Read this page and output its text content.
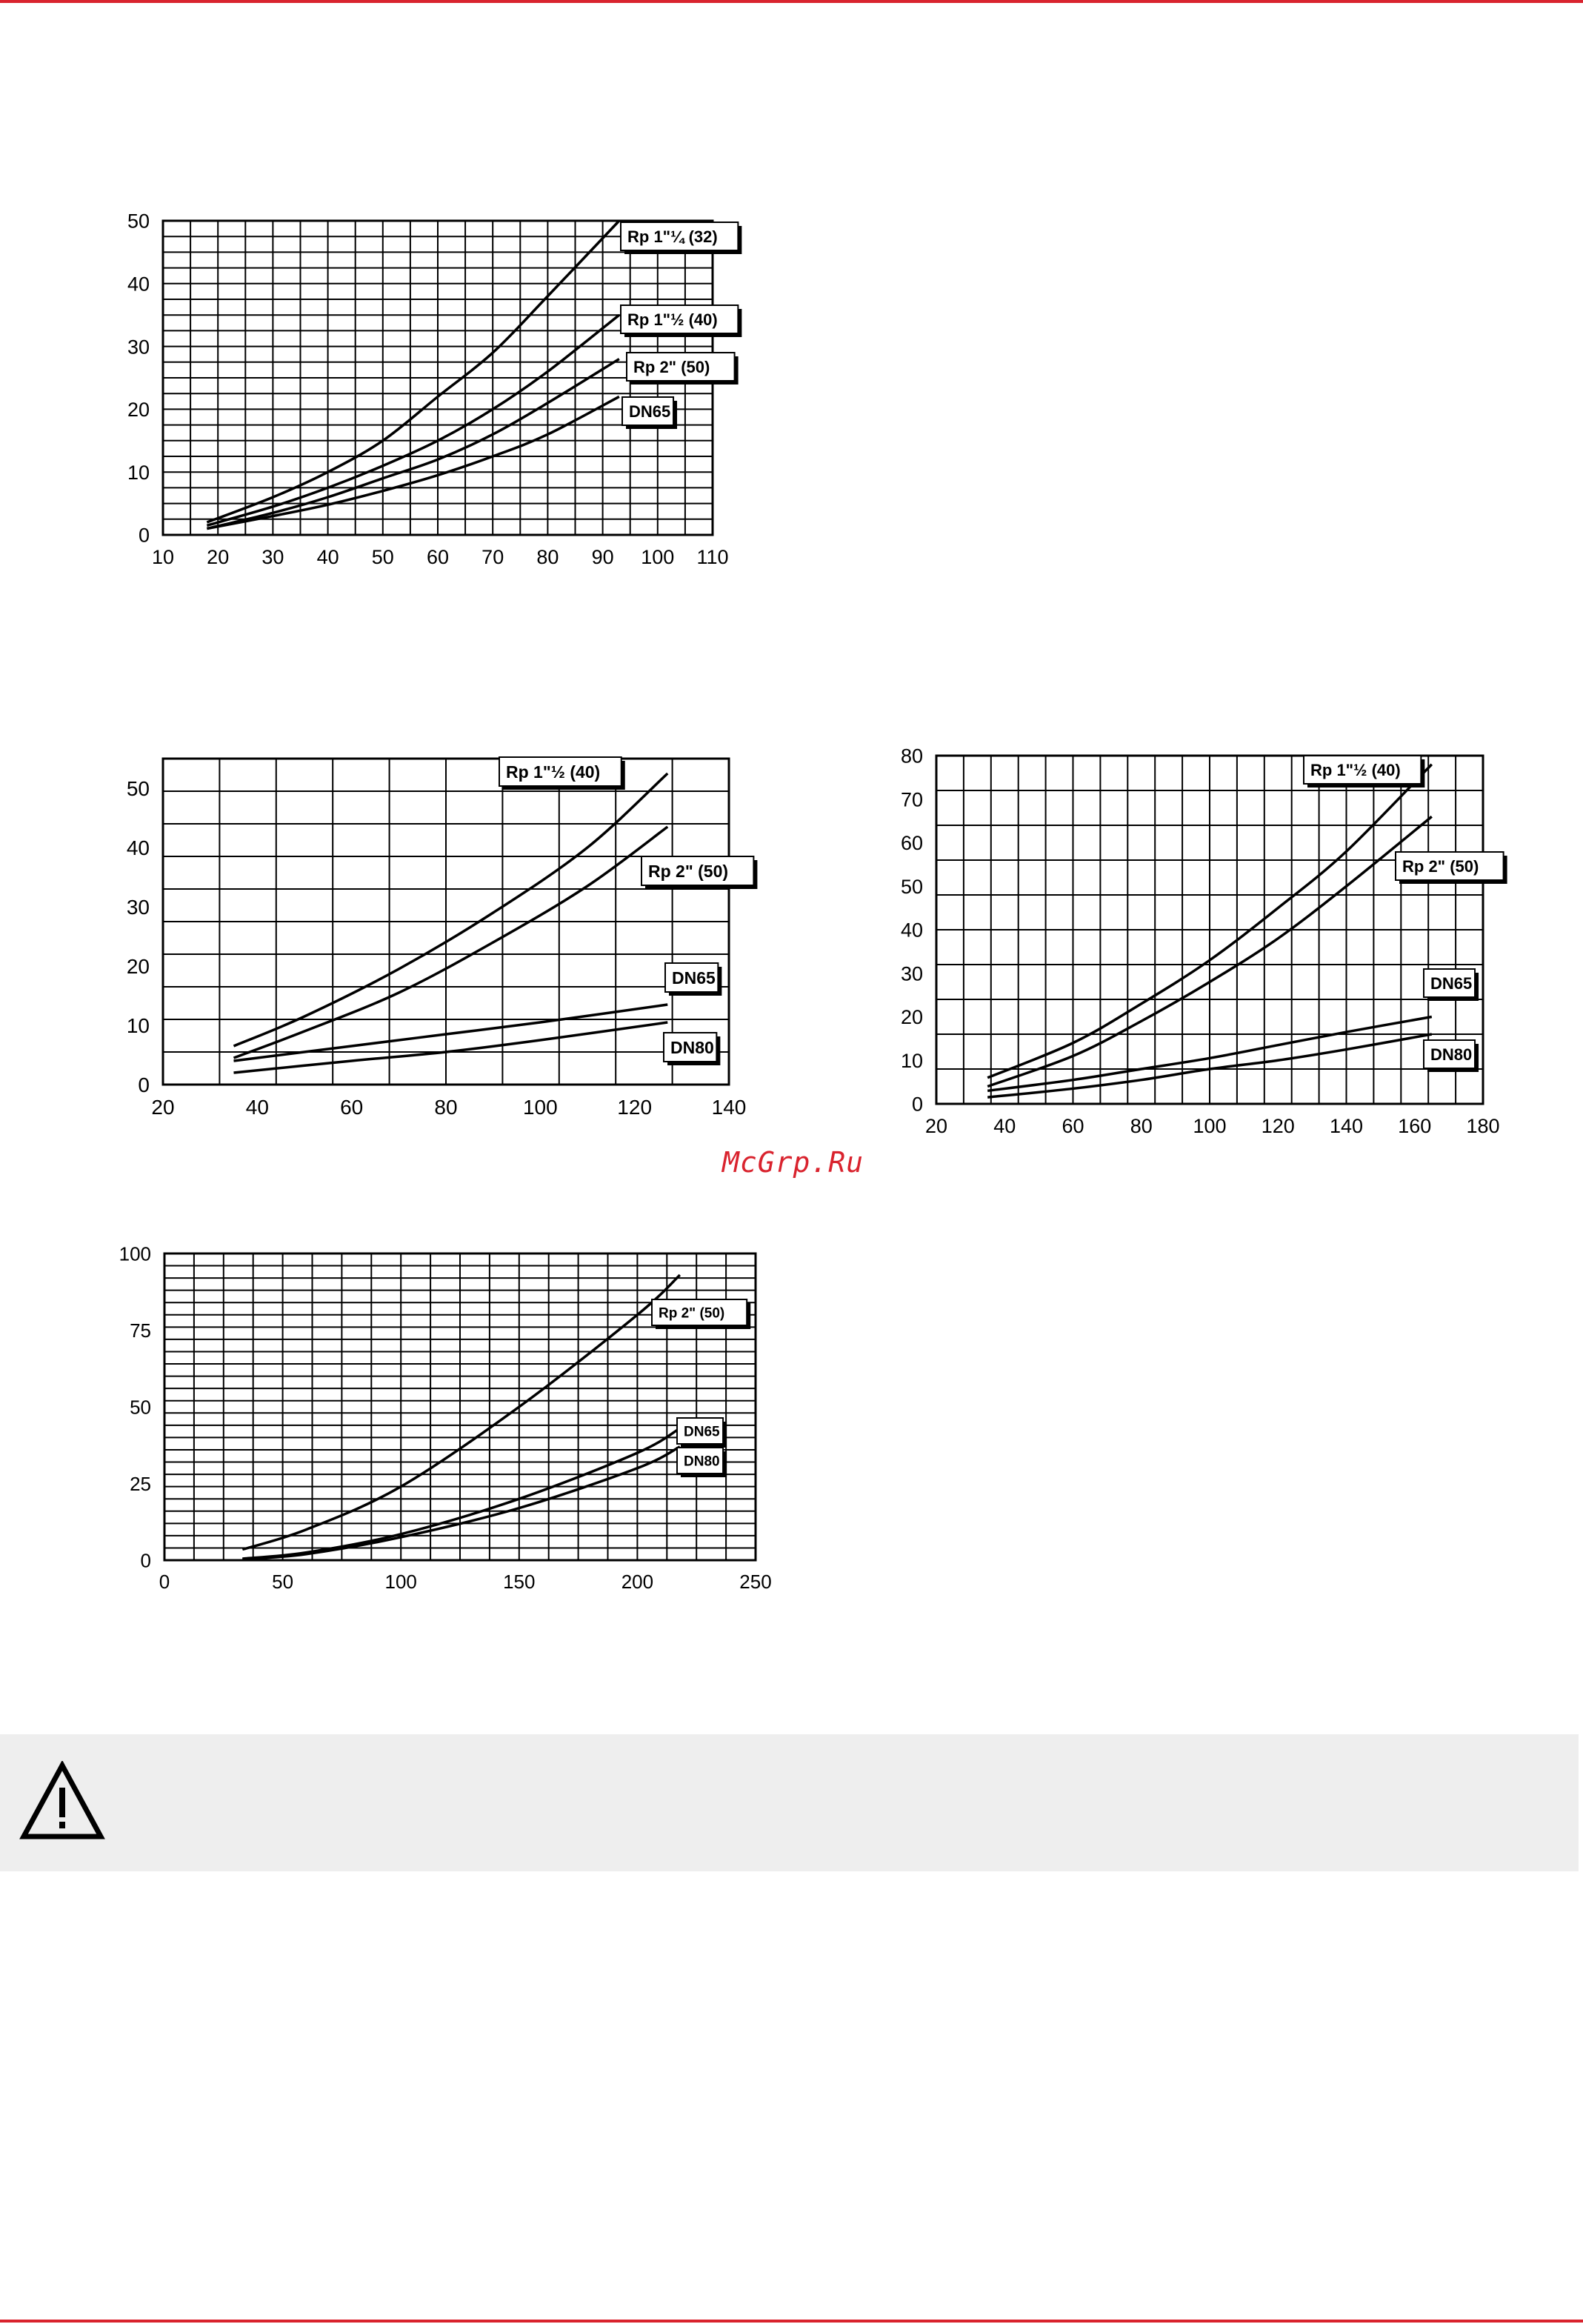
10 20 30 40 50 60 70 80 90 100 110
0
10
20
30
40
50
Rp 1"¼ (32)
Rp 1"½ (40)
Rp 2" (50)
DN65
20	40	60	80	100	120	140
0
10
20
30
40
50
Rp 1"½ (40)
Rp 2" (50)
DN65
DN80
20 40 60 80 100 120 140 160 180
0
10
20
30
40
50
60
70
80
Rp 1"½ (40)
Rp 2" (50)
DN65
DN80
0	50	100	150	200	250
0
25
50
75
100
Rp 2" (50)
DN65
DN80
McGrp.Ru
